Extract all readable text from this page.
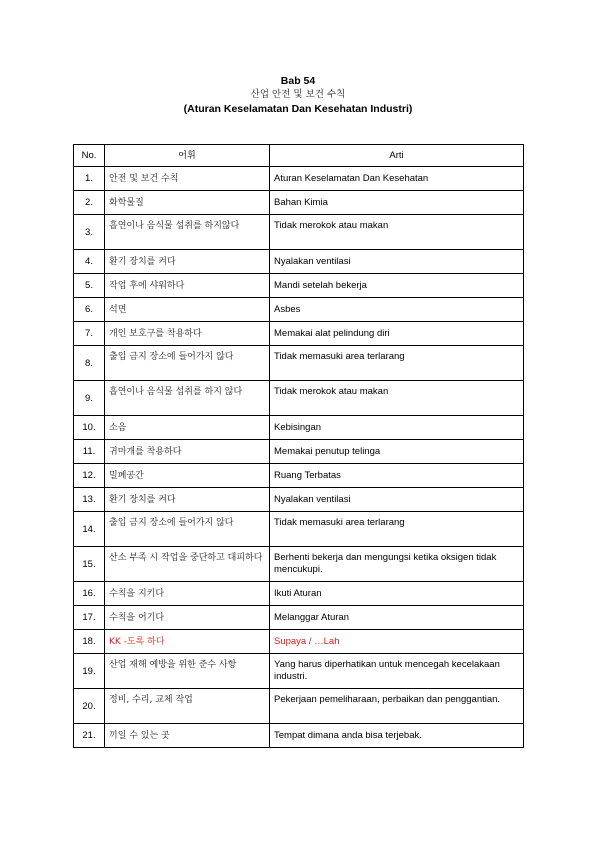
Bab 54
산업 안전 및 보건 수칙
(Aturan Keselamatan Dan Kesehatan Industri)
No.	어휘	Arti
1.	안전 및 보건 수칙	Aturan Keselamatan Dan Kesehatan
2.	화학물질	Bahan Kimia
3.	흡연이나 음식물 섭취를 하지않다	Tidak merokok atau makan
4.	환기 장치를 켜다	Nyalakan ventilasi
5.	작업 후에 샤워하다	Mandi setelah bekerja
6.	석면	Asbes
7.	개인 보호구를 착용하다	Memakai alat pelindung diri
8.	출입 금지 장소에 들어가지 않다	Tidak memasuki area terlarang
9.	흡연이나 음식물 섭취를 하지 않다	Tidak merokok atau makan
10.	소음	Kebisingan
11.	귀마개를 착용하다	Memakai penutup telinga
12.	밀폐공간	Ruang Terbatas
13.	환기 장치를 켜다	Nyalakan ventilasi
14.	출입 금지 장소에 들어가지 않다	Tidak memasuki area terlarang
15.	산소 부족 시 작업을 중단하고 대피하다	Berhenti bekerja dan mengungsi ketika oksigen tidak mencukupi.
16.	수칙을 지키다	Ikuti Aturan
17.	수칙을 어기다	Melanggar Aturan
18.	KK -도록 하다	Supaya / …Lah
19.	산업 재해 예방을 위한 준수 사항	Yang harus diperhatikan untuk mencegah kecelakaan industri.
20.	정비, 수리, 교체 작업	Pekerjaan pemeliharaan, perbaikan dan penggantian.
21.	끼일 수 있는 곳	Tempat dimana anda bisa terjebak.
